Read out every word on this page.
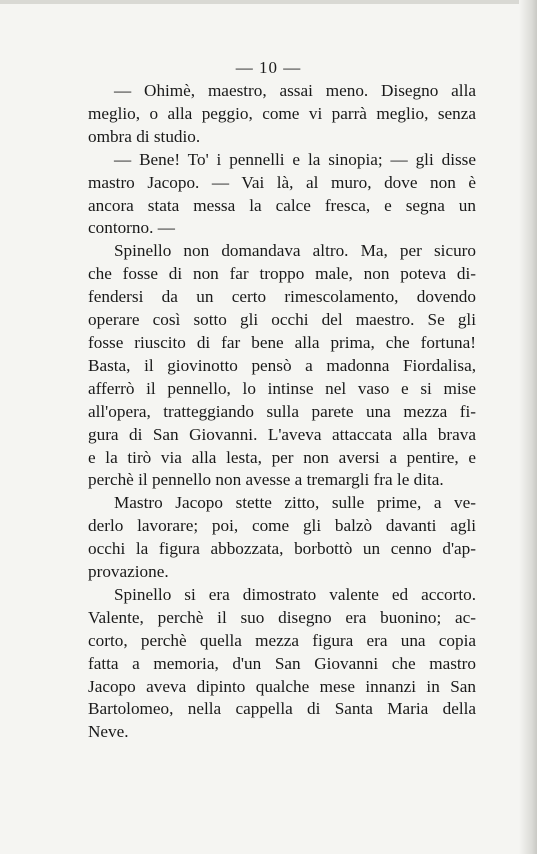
— 10 —
— Ohimè, maestro, assai meno. Disegno alla
meglio, o alla peggio, come vi parrà meglio, senza
ombra di studio.
— Bene! To' i pennelli e la sinopia; — gli disse
mastro Jacopo. — Vai là, al muro, dove non è
ancora stata messa la calce fresca, e segna un
contorno. —
Spinello non domandava altro. Ma, per sicuro
che fosse di non far troppo male, non poteva di-
fendersi da un certo rimescolamento, dovendo
operare così sotto gli occhi del maestro. Se gli
fosse riuscito di far bene alla prima, che fortuna!
Basta, il giovinotto pensò a madonna Fiordalisa,
afferrò il pennello, lo intinse nel vaso e si mise
all'opera, tratteggiando sulla parete una mezza fi-
gura di San Giovanni. L'aveva attaccata alla brava
e la tirò via alla lesta, per non aversi a pentire, e
perchè il pennello non avesse a tremargli fra le dita.
Mastro Jacopo stette zitto, sulle prime, a ve-
derlo lavorare; poi, come gli balzò davanti agli
occhi la figura abbozzata, borbottò un cenno d'ap-
provazione.
Spinello si era dimostrato valente ed accorto.
Valente, perchè il suo disegno era buonino; ac-
corto, perchè quella mezza figura era una copia
fatta a memoria, d'un San Giovanni che mastro
Jacopo aveva dipinto qualche mese innanzi in San
Bartolomeo, nella cappella di Santa Maria della
Neve.
